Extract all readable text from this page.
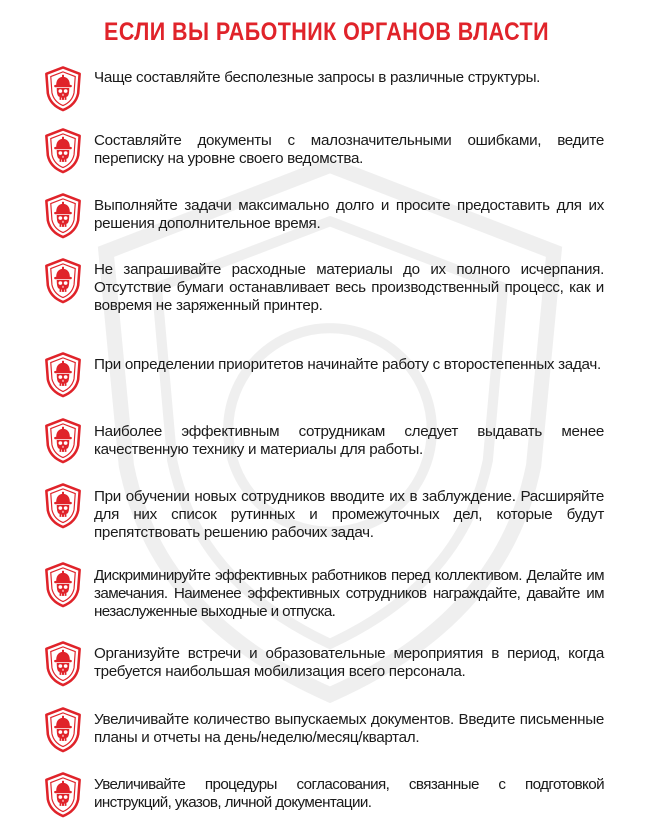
ЕСЛИ ВЫ РАБОТНИК ОРГАНОВ ВЛАСТИ
Чаще составляйте бесполезные запросы в различные структуры.
Составляйте документы с малозначительными ошибками, ведите переписку на уровне своего ведомства.
Выполняйте задачи максимально долго и просите предоставить для их решения дополнительное время.
Не запрашивайте расходные материалы до их полного исчерпания. Отсутствие бумаги останавливает весь производственный процесс, как и вовремя не заряженный принтер.
При определении приоритетов начинайте работу с второстепенных задач.
Наиболее эффективным сотрудникам следует выдавать менее качественную технику и материалы для работы.
При обучении новых сотрудников вводите их в заблуждение. Расширяйте для них список рутинных и промежуточных дел, которые будут препятствовать решению рабочих задач.
Дискриминируйте эффективных работников перед коллективом. Делайте им замечания. Наименее эффективных сотрудников награждайте, давайте им незаслуженные выходные и отпуска.
Организуйте встречи и образовательные мероприятия в период, когда требуется наибольшая мобилизация всего персонала.
Увеличивайте количество выпускаемых документов. Введите письменные планы и отчеты на день/неделю/месяц/квартал.
Увеличивайте процедуры согласования, связанные с подготовкой инструкций, указов, личной документации.
